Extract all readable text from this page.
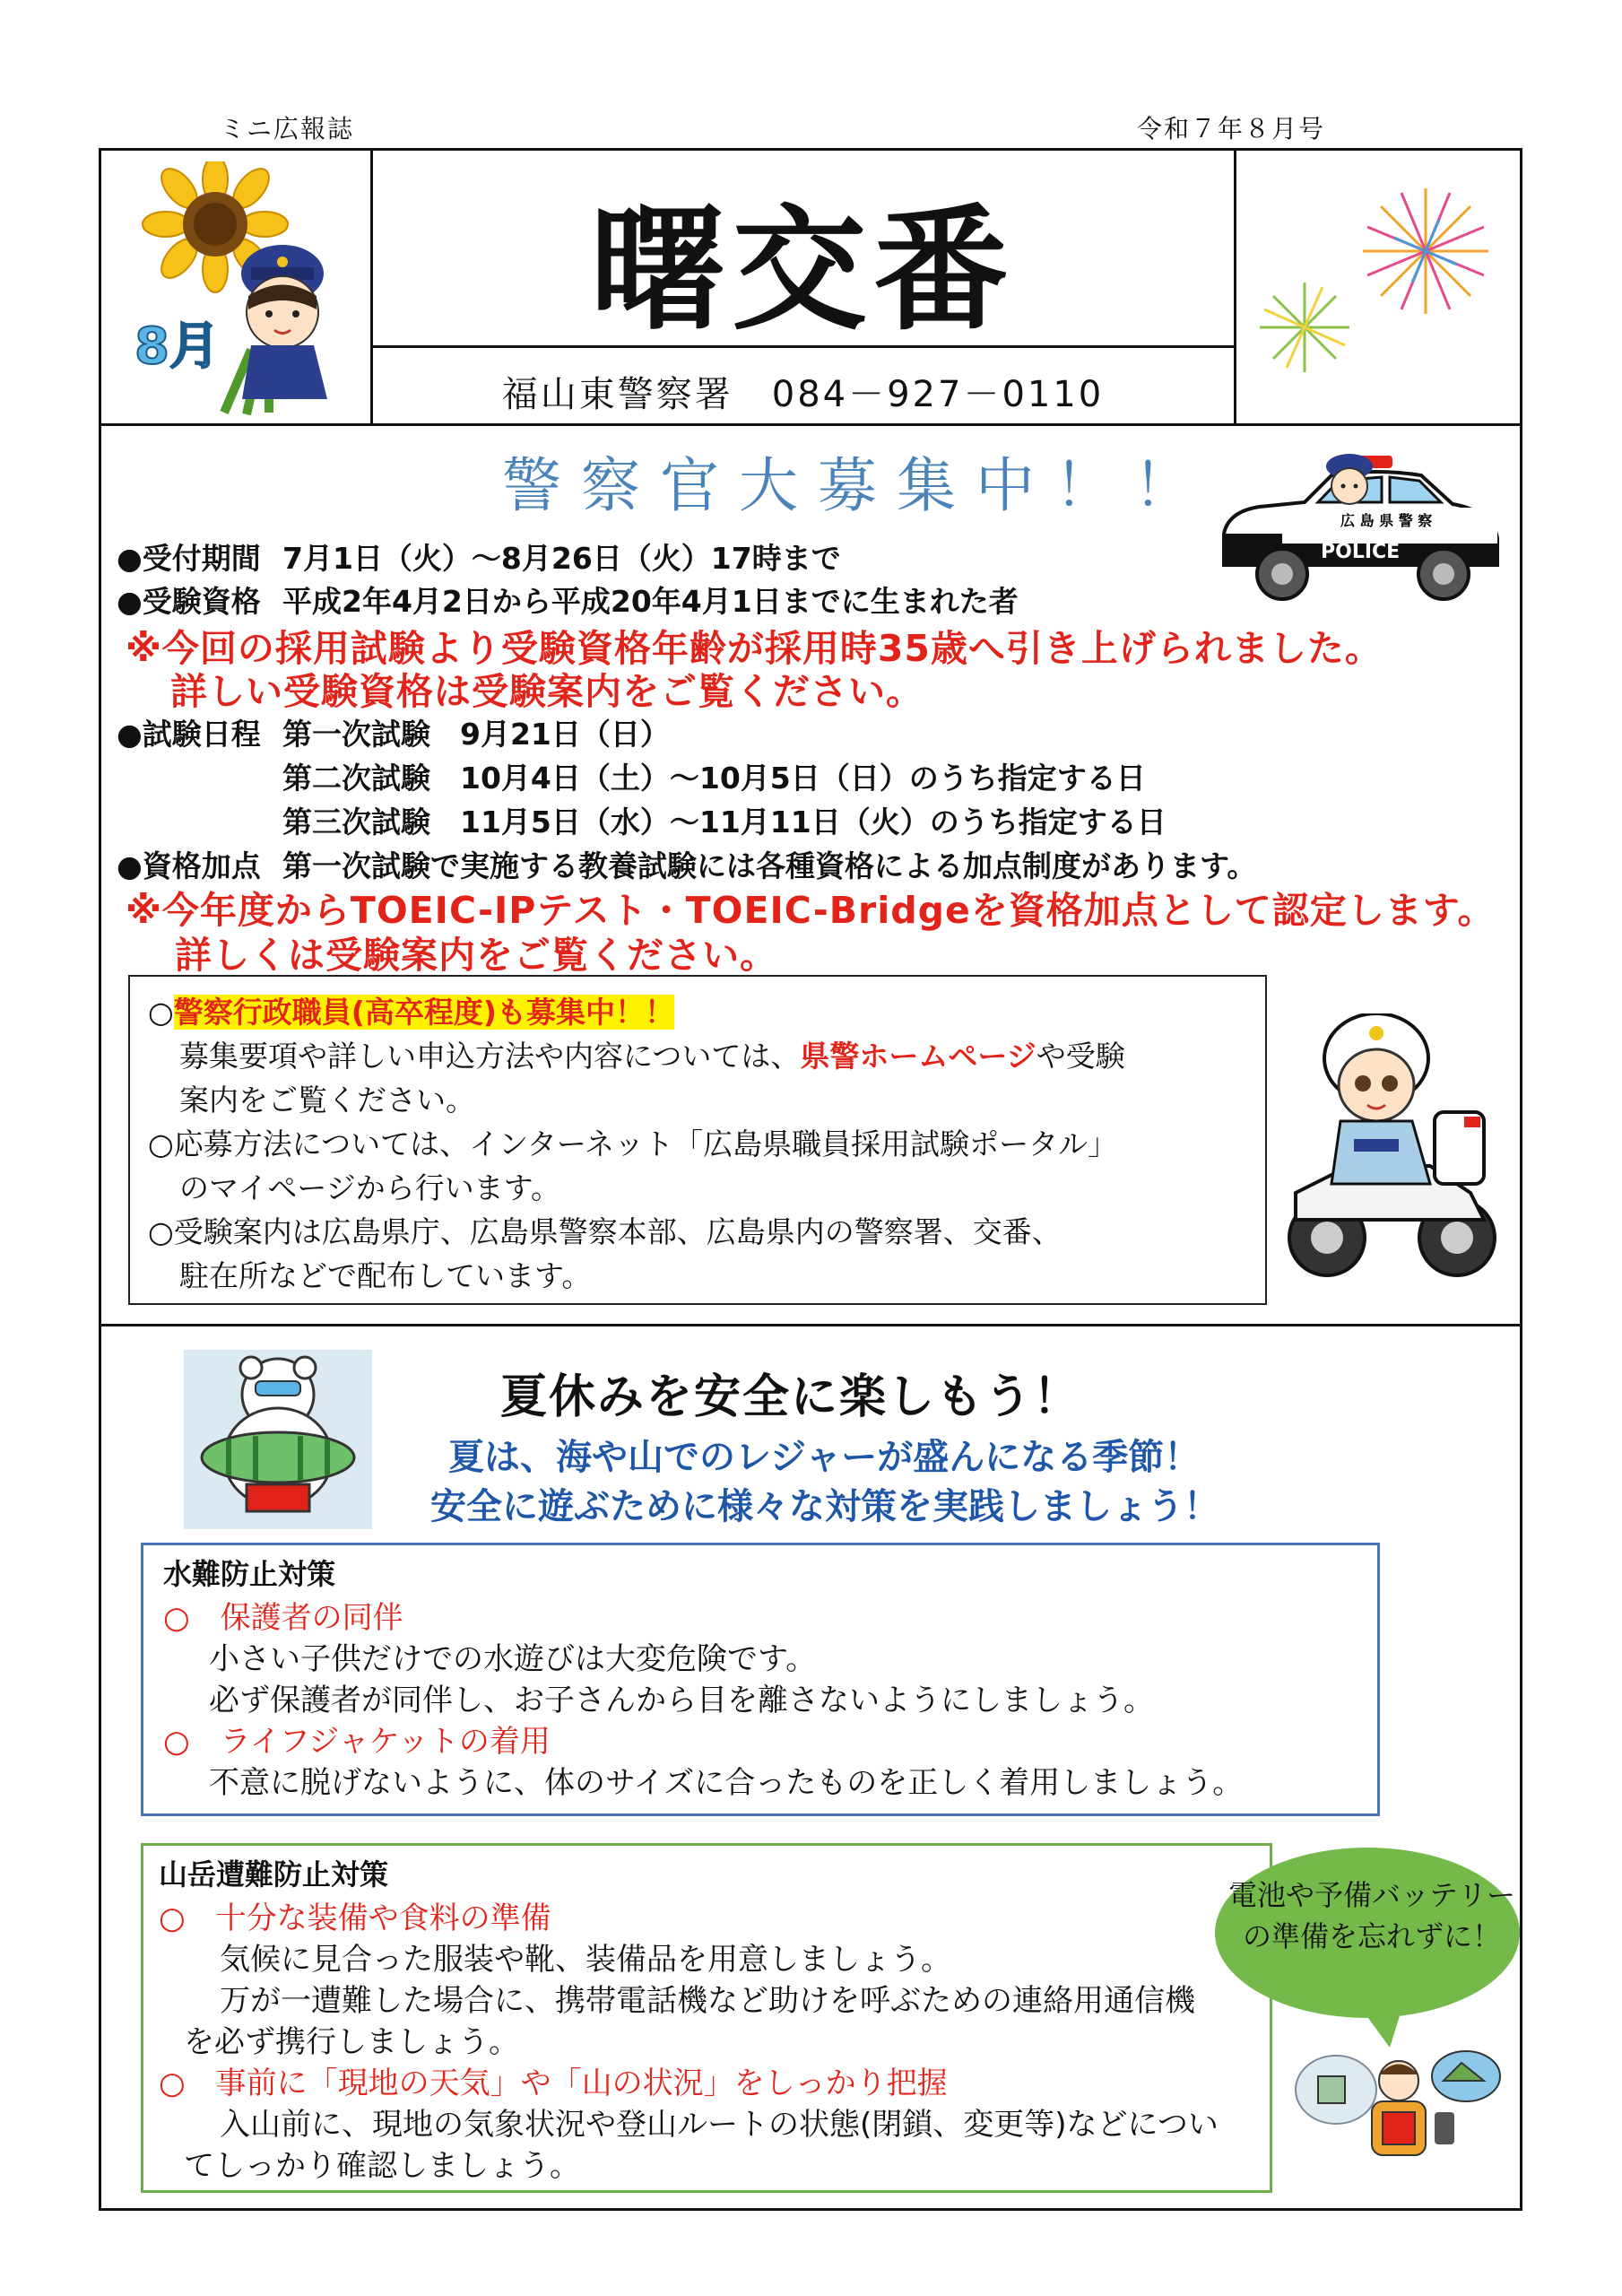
ミニ広報誌	令和７年８月号
曙交番
福山東警察署　084－927－0110
8月
警察官大募集中！！
広 島 県 警 察
POLICE
●受付期間 7月1日（火）～8月26日（火）17時まで
●受験資格 平成2年4月2日から平成20年4月1日までに生まれた者
※今回の採用試験より受験資格年齢が採用時35歳へ引き上げられました。
詳しい受験資格は受験案内をご覧ください。
●試験日程 第一次試験　9月21日（日）
第二次試験　10月4日（土）～10月5日（日）のうち指定する日
第三次試験　11月5日（水）～11月11日（火）のうち指定する日
●資格加点 第一次試験で実施する教養試験には各種資格による加点制度があります。
※今年度からTOEIC-IPテスト・TOEIC-Bridgeを資格加点として認定します。
詳しくは受験案内をご覧ください。
○警察行政職員(高卒程度)も募集中！！
募集要項や詳しい申込方法や内容については、県警ホームページや受験
案内をご覧ください。
○応募方法については、インターネット「広島県職員採用試験ポータル」
のマイページから行います。
○受験案内は広島県庁、広島県警察本部、広島県内の警察署、交番、
駐在所などで配布しています。
夏休みを安全に楽しもう！
夏は、海や山でのレジャーが盛んになる季節！
安全に遊ぶために様々な対策を実践しましょう！
水難防止対策
○　保護者の同伴
小さい子供だけでの水遊びは大変危険です。
必ず保護者が同伴し、お子さんから目を離さないようにしましょう。
○　ライフジャケットの着用
不意に脱げないように、体のサイズに合ったものを正しく着用しましょう。
山岳遭難防止対策
○　十分な装備や食料の準備
気候に見合った服装や靴、装備品を用意しましょう。
万が一遭難した場合に、携帯電話機など助けを呼ぶための連絡用通信機
を必ず携行しましょう。
○　事前に「現地の天気」や「山の状況」をしっかり把握
入山前に、現地の気象状況や登山ルートの状態(閉鎖、変更等)などについ
てしっかり確認しましょう。
電池や予備バッテリー
の準備を忘れずに！
